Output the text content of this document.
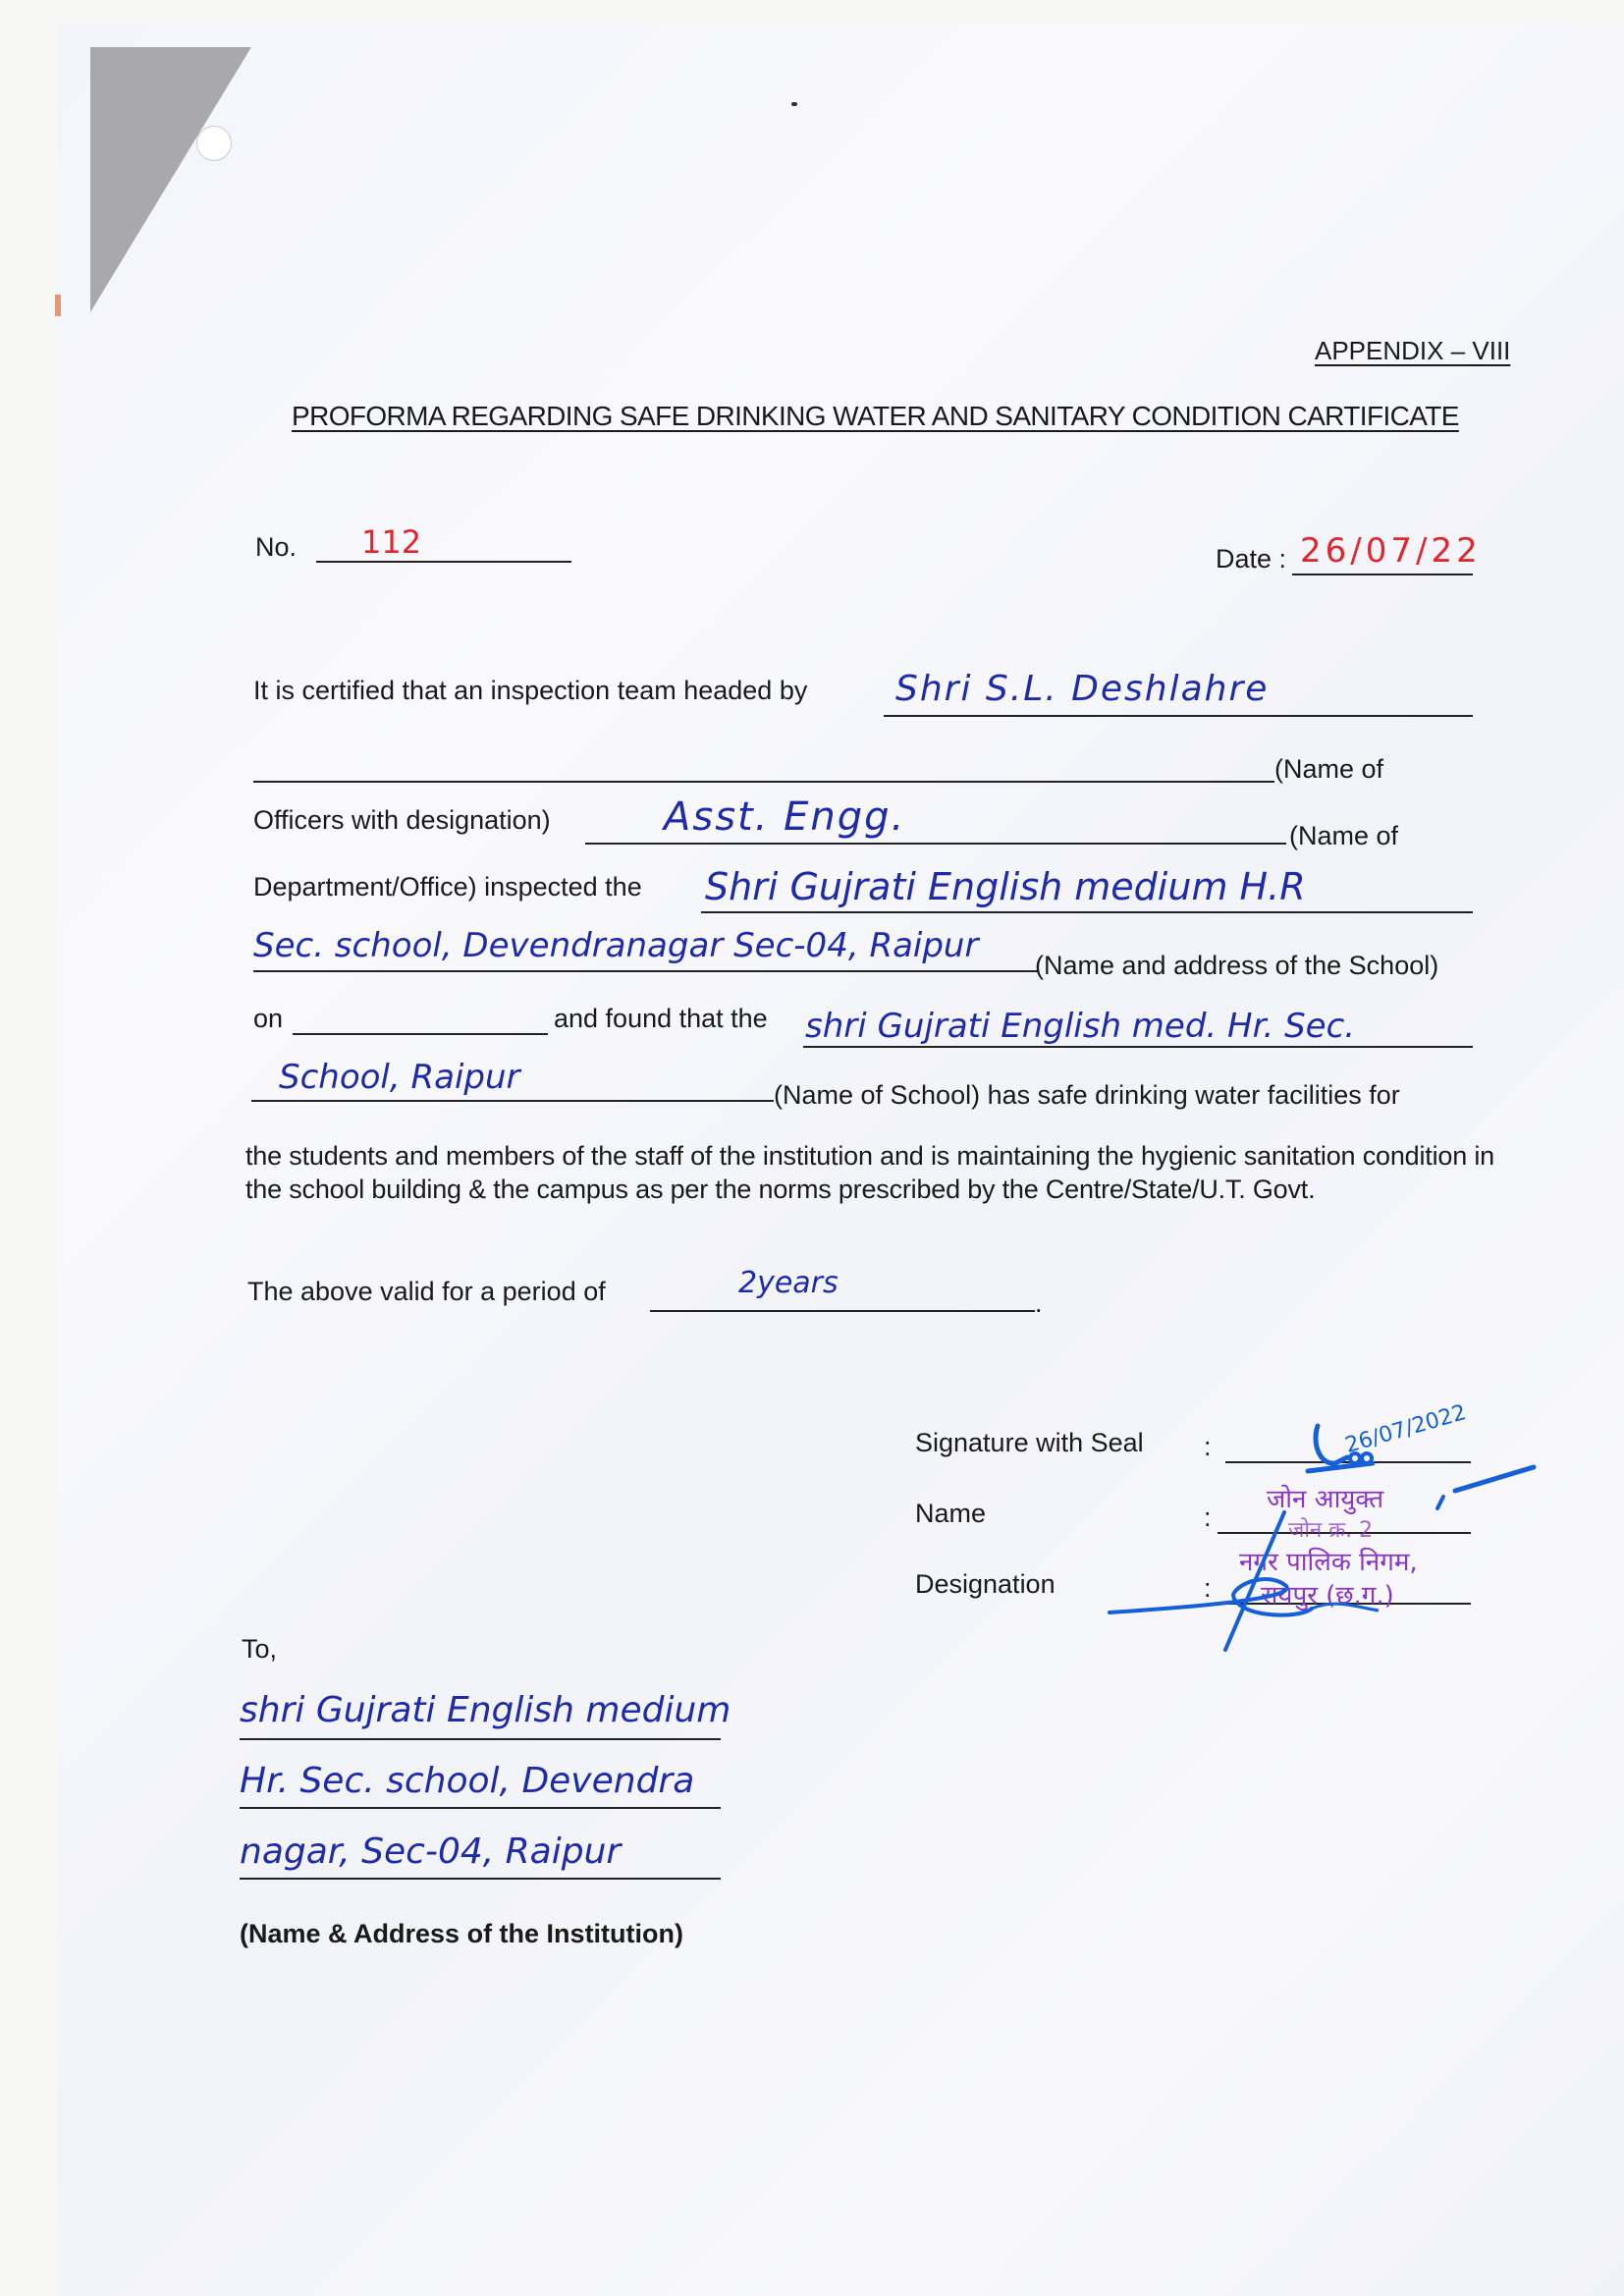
APPENDIX – VIII
PROFORMA REGARDING SAFE DRINKING WATER AND SANITARY CONDITION CARTIFICATE
No. 112	Date : 26/07/22
It is certified that an inspection team headed by Shri S.L. Deshlahre
(Name of
Officers with designation)	Asst. Engg.	(Name of
Department/Office) inspected the Shri Gujrati English medium H.R
Sec. school, Devendranagar Sec-04, Raipur (Name and address of the School)
on	and found that the shri Gujrati English med. Hr. Sec.
School, Raipur	(Name of School) has safe drinking water facilities for
the students and members of the staff of the institution and is maintaining the hygienic sanitation condition in the school building & the campus as per the norms prescribed by the Centre/State/U.T. Govt.
The above valid for a period of	2years
.
Signature with Seal :
Name	:
Designation	:
जोन आयुक्त
जोन क्र. 2
नगर पालिक निगम,
रायपुर (छ.ग.)
26/07/2022
To,
shri Gujrati English medium
Hr. Sec. school, Devendra
nagar, Sec-04, Raipur
(Name & Address of the Institution)
